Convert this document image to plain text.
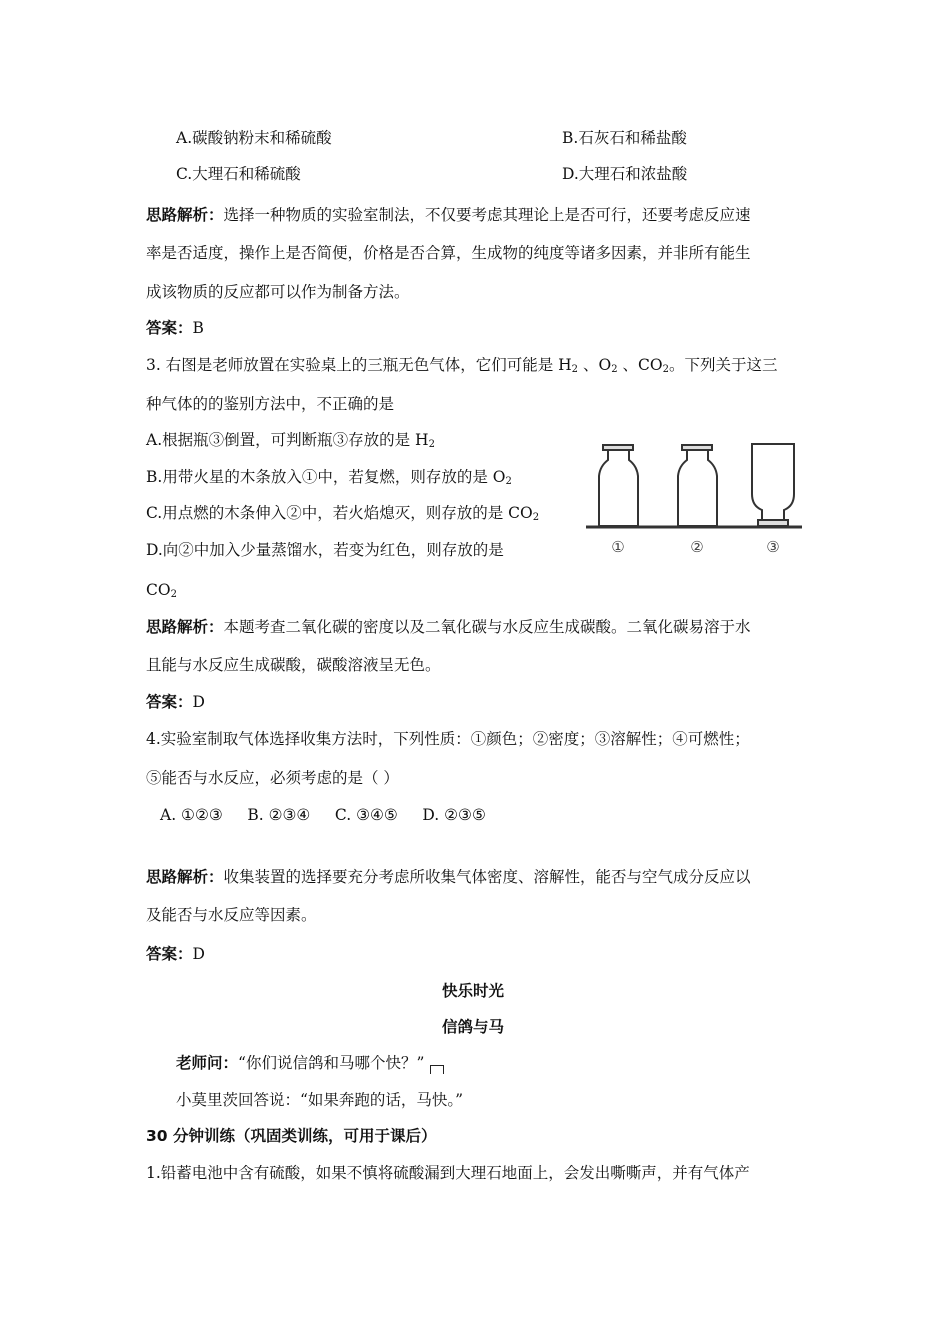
A.碳酸钠粉末和稀硫酸	B.石灰石和稀盐酸
C.大理石和稀硫酸	D.大理石和浓盐酸
思路解析：选择一种物质的实验室制法，不仅要考虑其理论上是否可行，还要考虑反应速
率是否适度，操作上是否简便，价格是否合算，生成物的纯度等诸多因素，并非所有能生
成该物质的反应都可以作为制备方法。
答案：B
3. 右图是老师放置在实验桌上的三瓶无色气体，它们可能是 $H_2$ 、$O_2$ 、$CO_2$。下列关于这三
种气体的的鉴别方法中，不正确的是
A.根据瓶③倒置，可判断瓶③存放的是 $H_2$
B.用带火星的木条放入①中，若复燃，则存放的是 $O_2$
C.用点燃的木条伸入②中，若火焰熄灭，则存放的是 $CO_2$
D.向②中加入少量蒸馏水，若变为红色，则存放的是
$CO_2$
①	②	③
思路解析：本题考查二氧化碳的密度以及二氧化碳与水反应生成碳酸。二氧化碳易溶于水
且能与水反应生成碳酸，碳酸溶液呈无色。
答案：D
4.实验室制取气体选择收集方法时，下列性质：①颜色；②密度；③溶解性；④可燃性；
⑤能否与水反应，必须考虑的是（ ）
A. ①②③     B. ②③④     C. ③④⑤     D. ②③⑤
思路解析：收集装置的选择要充分考虑所收集气体密度、溶解性，能否与空气成分反应以
及能否与水反应等因素。
答案：D
快乐时光
信鸽与马
老师问：“你们说信鸽和马哪个快？”
小莫里茨回答说：“如果奔跑的话，马快。”
30 分钟训练（巩固类训练，可用于课后）
1.铅蓄电池中含有硫酸，如果不慎将硫酸漏到大理石地面上，会发出嘶嘶声，并有气体产
